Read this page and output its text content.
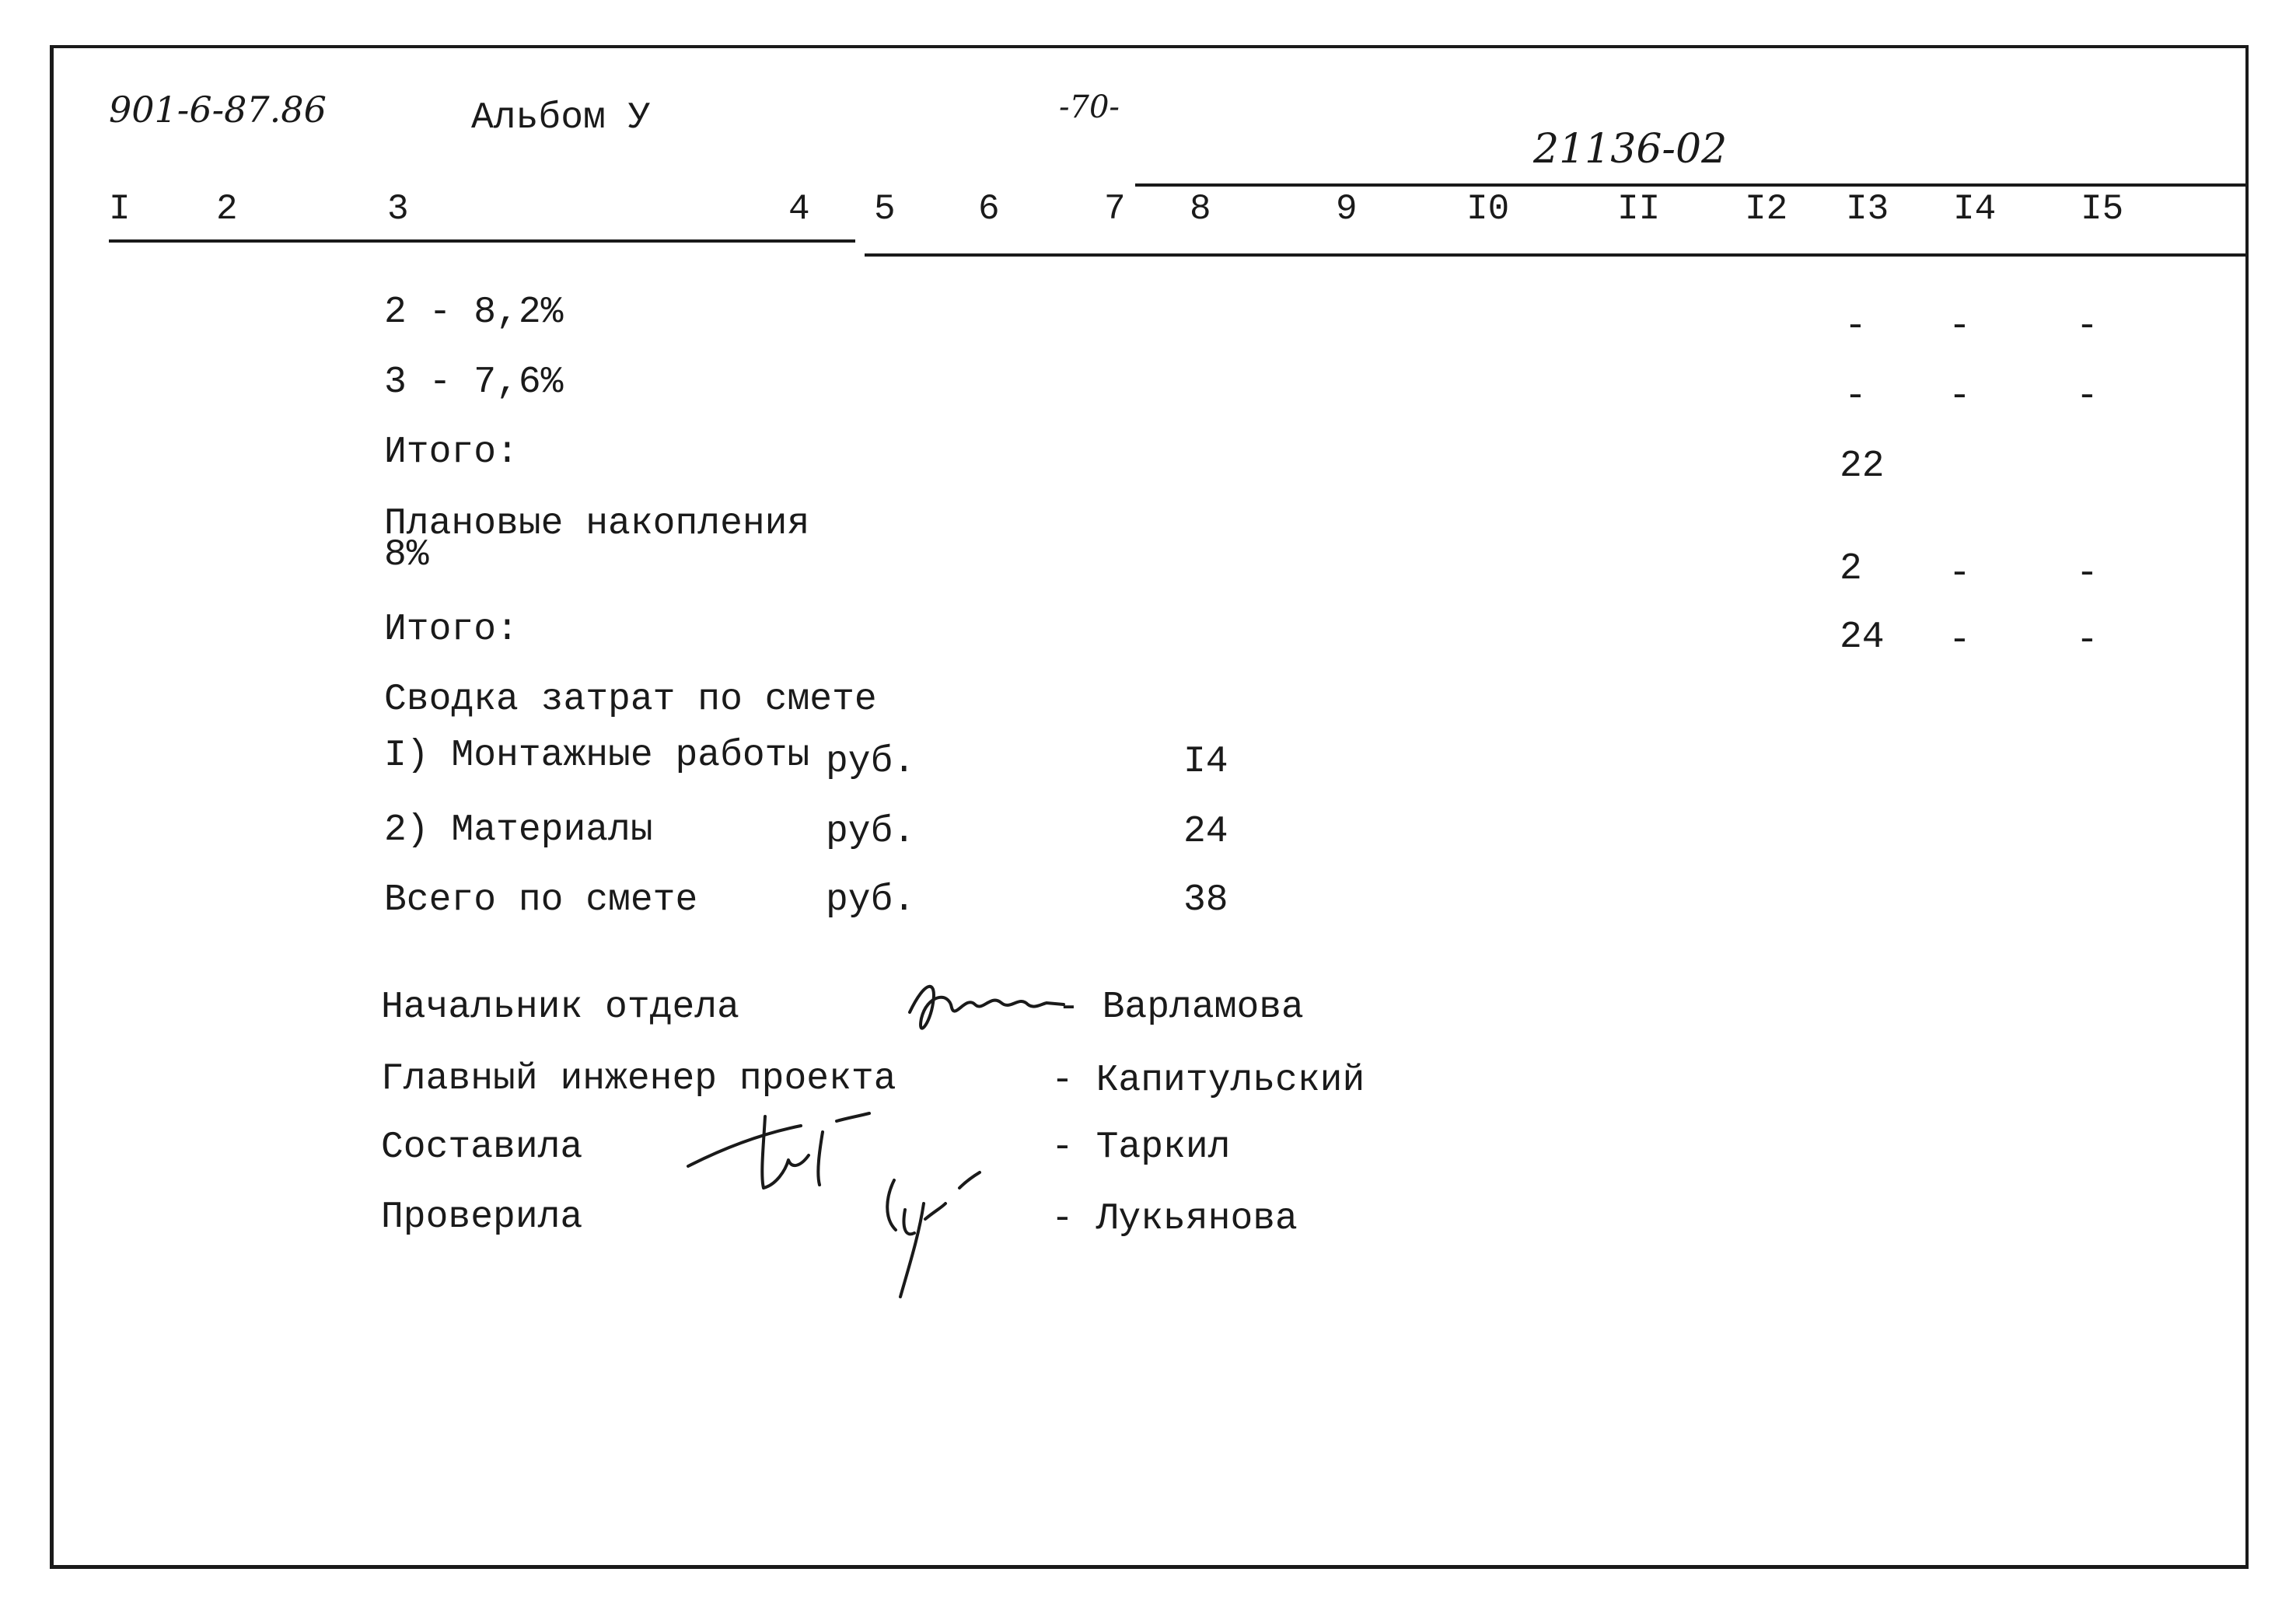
901-6-87.86	Альбом У	-70-
21136-02
I 2	3	4 5 6	7 8	9	I0	II I2 I3 I4 I5
2 - 8,2%	- -	-
3 - 7,6%	- -	-
Итого:	22
Плановые накопления
8%	2 -	-
Итого:	24 -	-
Сводка затрат по смете
I) Монтажные работы руб.	I4
2) Материалы	руб.	24
Всего по смете	руб.	38
Начальник отдела	- Варламова
Главный инженер проекта	- Капитульский
Составила	- Таркил
Проверила	- Лукьянова
